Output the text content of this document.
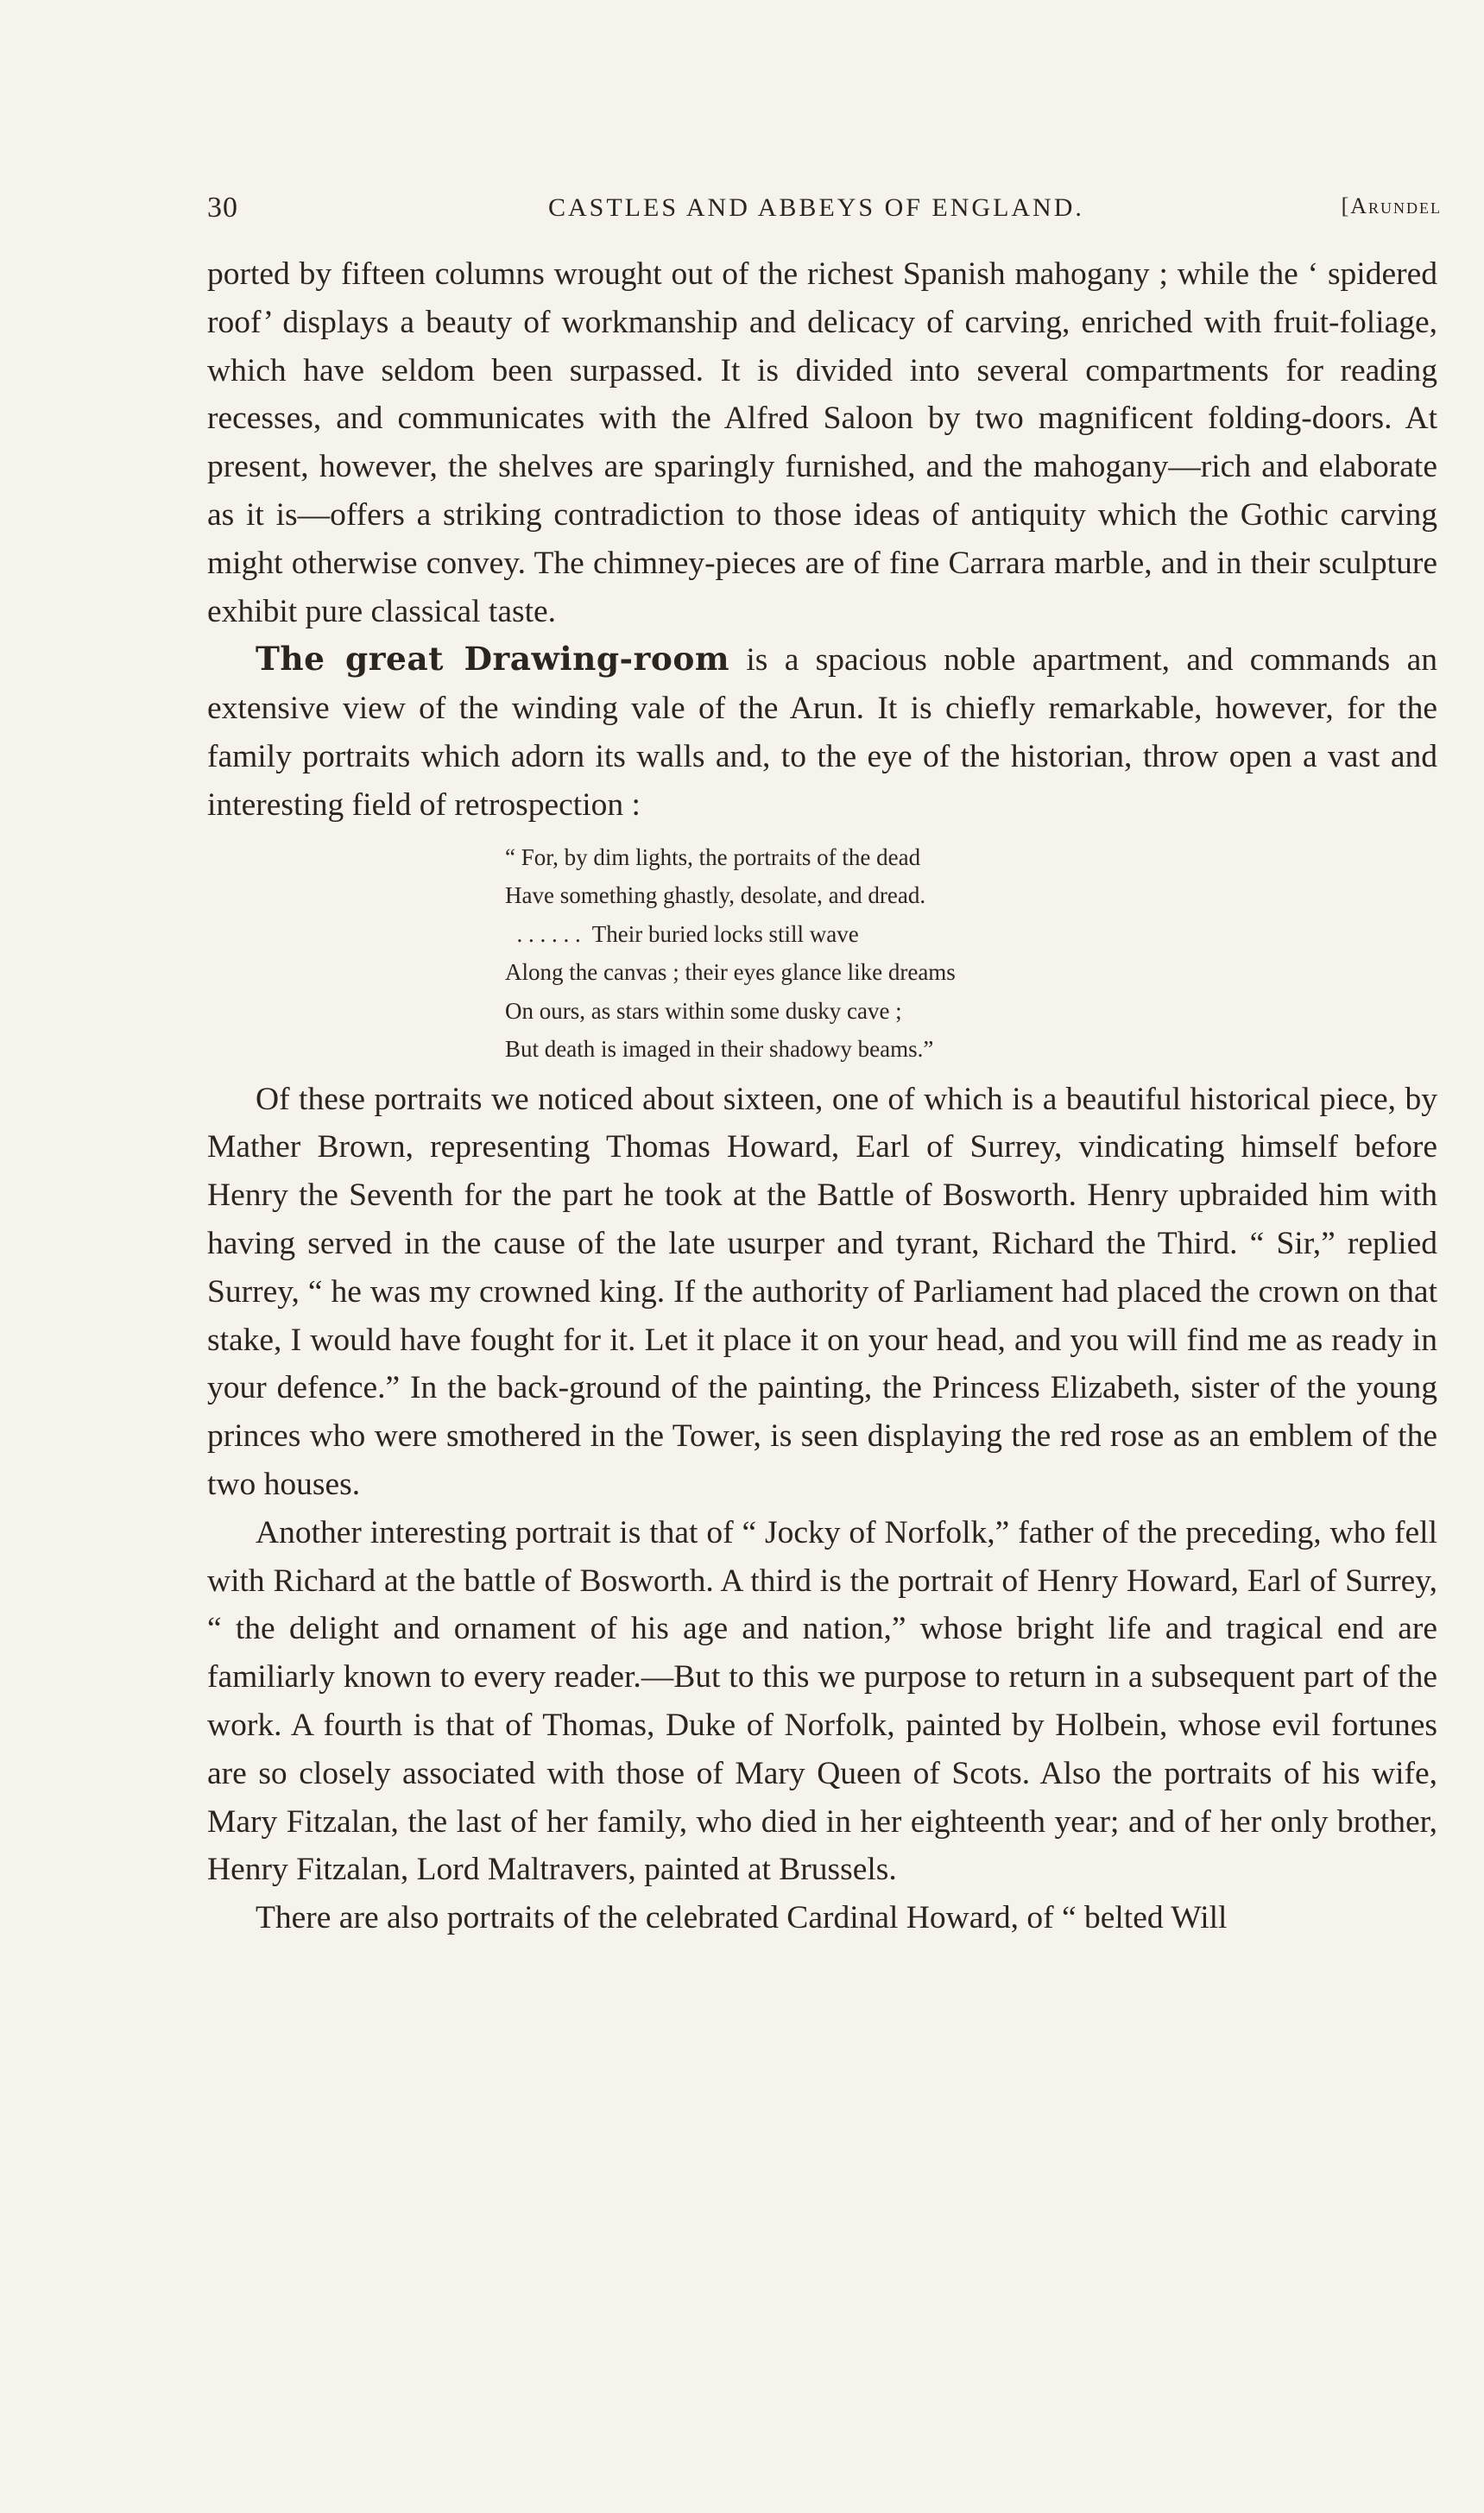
30	CASTLES AND ABBEYS OF ENGLAND.	[Arundel

ported by fifteen columns wrought out of the richest Spanish mahogany ; while the ‘ spidered roof’ displays a beauty of workmanship and delicacy of carving, enriched with fruit-foliage, which have seldom been surpassed. It is divided into several compartments for reading recesses, and communicates with the Alfred Saloon by two magnificent folding-doors. At present, however, the shelves are sparingly furnished, and the mahogany—rich and elaborate as it is—offers a striking contradiction to those ideas of antiquity which the Gothic carving might otherwise convey. The chimney-pieces are of fine Carrara marble, and in their sculpture exhibit pure classical taste.

The great Drawing-room is a spacious noble apartment, and commands an extensive view of the winding vale of the Arun. It is chiefly remarkable, however, for the family portraits which adorn its walls and, to the eye of the historian, throw open a vast and interesting field of retrospection :

“ For, by dim lights, the portraits of the dead
Have something ghastly, desolate, and dread.
. . . . . .  Their buried locks still wave
Along the canvas ; their eyes glance like dreams
On ours, as stars within some dusky cave ;
But death is imaged in their shadowy beams.”

Of these portraits we noticed about sixteen, one of which is a beautiful historical piece, by Mather Brown, representing Thomas Howard, Earl of Surrey, vindicating himself before Henry the Seventh for the part he took at the Battle of Bosworth. Henry upbraided him with having served in the cause of the late usurper and tyrant, Richard the Third. “ Sir,” replied Surrey, “ he was my crowned king. If the authority of Parliament had placed the crown on that stake, I would have fought for it. Let it place it on your head, and you will find me as ready in your defence.” In the back-ground of the painting, the Princess Elizabeth, sister of the young princes who were smothered in the Tower, is seen displaying the red rose as an emblem of the two houses.

Another interesting portrait is that of “ Jocky of Norfolk,” father of the preceding, who fell with Richard at the battle of Bosworth. A third is the portrait of Henry Howard, Earl of Surrey, “ the delight and ornament of his age and nation,” whose bright life and tragical end are familiarly known to every reader.—But to this we purpose to return in a subsequent part of the work. A fourth is that of Thomas, Duke of Norfolk, painted by Holbein, whose evil fortunes are so closely associated with those of Mary Queen of Scots. Also the portraits of his wife, Mary Fitzalan, the last of her family, who died in her eighteenth year; and of her only brother, Henry Fitzalan, Lord Maltravers, painted at Brussels.

There are also portraits of the celebrated Cardinal Howard, of “ belted Will
